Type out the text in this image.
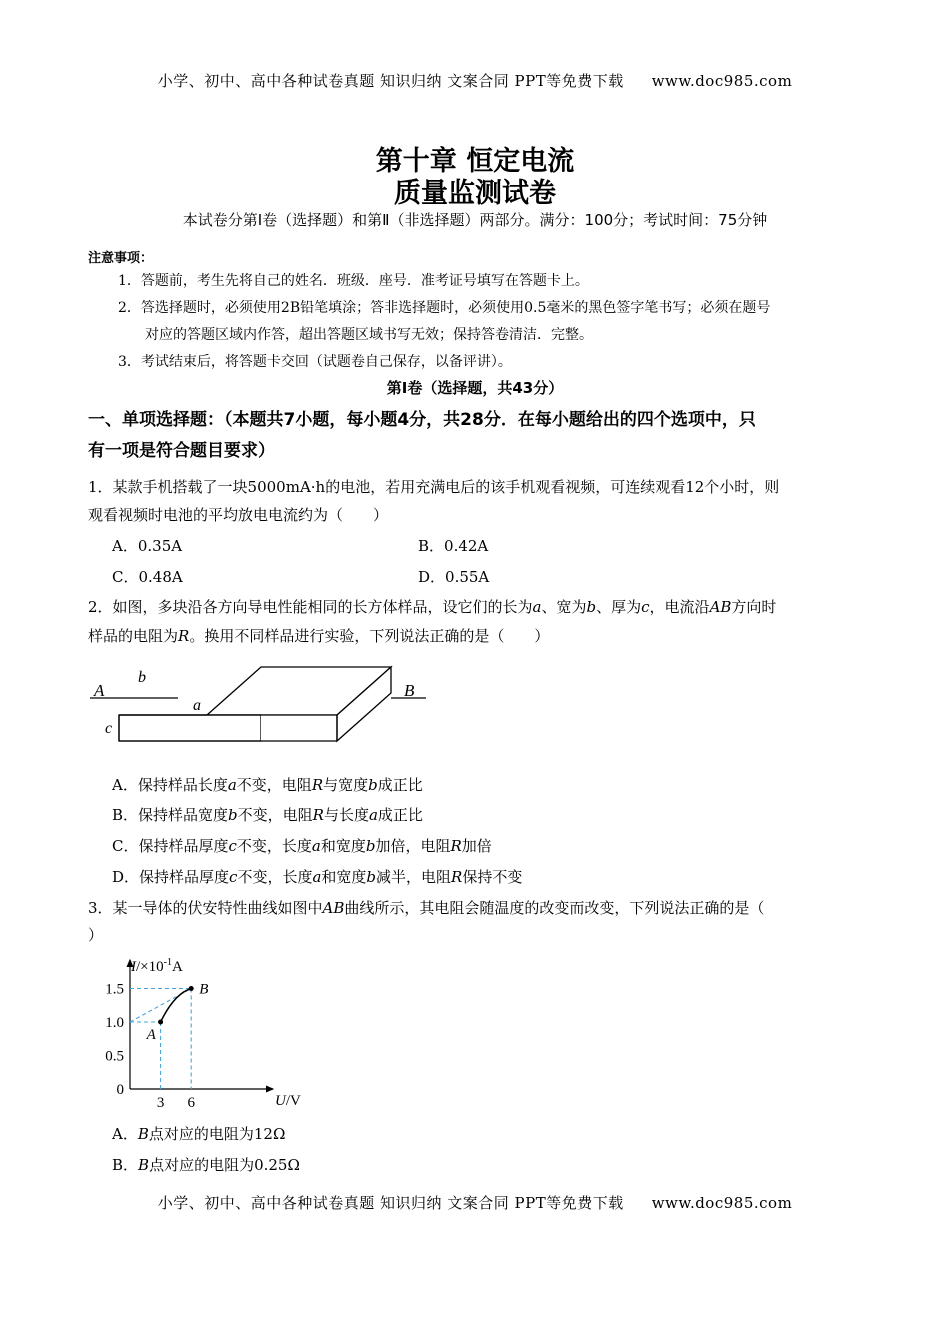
小学、初中、高中各种试卷真题 知识归纳 文案合同 PPT等免费下载 www.doc985.com
第十章 恒定电流
质量监测试卷
本试卷分第Ⅰ卷（选择题）和第Ⅱ（非选择题）两部分。满分：100分；考试时间：75分钟
注意事项：
1．答题前，考生先将自己的姓名．班级．座号．准考证号填写在答题卡上。
2．答选择题时，必须使用2B铅笔填涂；答非选择题时，必须使用0.5毫米的黑色签字笔书写；必须在题号
对应的答题区域内作答，超出答题区域书写无效；保持答卷清洁．完整。
3．考试结束后，将答题卡交回（试题卷自己保存，以备评讲）。
第Ⅰ卷（选择题，共43分）
一、单项选择题：（本题共7小题，每小题4分，共28分．在每小题给出的四个选项中，只
有一项是符合题目要求）
1．某款手机搭载了一块5000mA·h的电池，若用充满电后的该手机观看视频，可连续观看12个小时，则
观看视频时电池的平均放电电流约为（　　）
A．0.35A	B．0.42A
C．0.48A	D．0.55A
2．如图，多块沿各方向导电性能相同的长方体样品，设它们的长为a、宽为b、厚为c，电流沿AB方向时
样品的电阻为R。换用不同样品进行实验，下列说法正确的是（　　）
A	B
b
a
c
A．保持样品长度a不变，电阻R与宽度b成正比
B．保持样品宽度b不变，电阻R与长度a成正比
C．保持样品厚度c不变，长度a和宽度b加倍，电阻R加倍
D．保持样品厚度c不变，长度a和宽度b减半，电阻R保持不变
3．某一导体的伏安特性曲线如图中AB曲线所示，其电阻会随温度的改变而改变，下列说法正确的是（
）
0
0.5
1.0
1.5
3 6
A
B
$I/\times 10^{-1}A$
U/V
A．B点对应的电阻为12Ω
B．B点对应的电阻为0.25Ω
小学、初中、高中各种试卷真题 知识归纳 文案合同 PPT等免费下载 www.doc985.com
